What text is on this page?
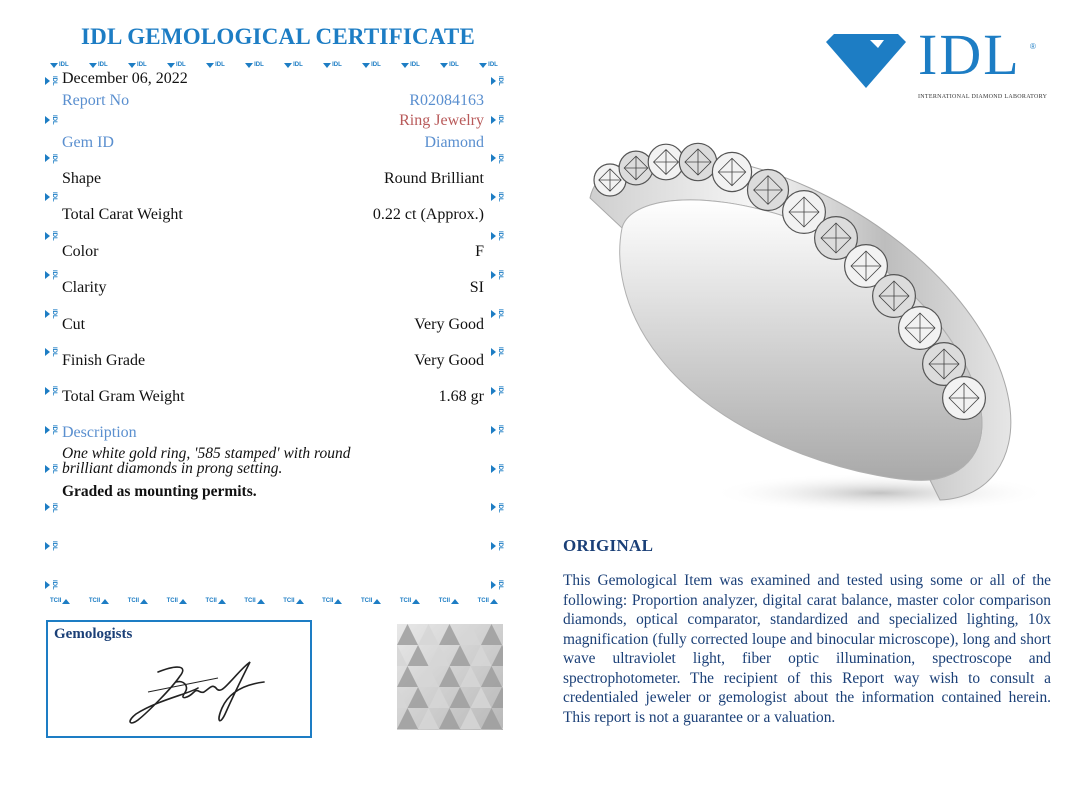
IDL GEMOLOGICAL CERTIFICATE
IDL	IDL	IDL	IDL	IDL	IDL	IDL	IDL	IDL	IDL	IDL	IDL
TCII	TCII	TCII	TCII	TCII	TCII	TCII	TCII	TCII	TCII	TCII	TCII
IDL
IDL
IDL
IDL
IDL
IDL
IDL
IDL
IDL
IDL
IDL
IDL
IDL
IDL
IDL
IDL
IDL
IDL
IDL
IDL
IDL
IDL
IDL
IDL
IDL
IDL
IDL
IDL
December 06, 2022
Report No	R02084163
Ring Jewelry
Gem ID	Diamond
Shape	Round Brilliant
Total Carat Weight	0.22 ct (Approx.)
Color	F
Clarity	SI
Cut	Very Good
Finish Grade	Very Good
Total Gram Weight	1.68 gr
Description
One white gold ring, '585 stamped' with round
brilliant diamonds in prong setting.
Graded as mounting permits.
Gemologists
IDL ®
INTERNATIONAL DIAMOND LABORATORY
ORIGINAL
This Gemological Item was examined and tested using some or all of the following: Proportion analyzer, digital carat balance, master color comparison diamonds, optical comparator, standardized and specialized lighting, 10x magnification (fully corrected loupe and binocular microscope), long and short wave ultraviolet light, fiber optic illumination, spectroscope and spectrophotometer. The recipient of this Report way wish to consult a credentialed jeweler or gemologist about the information contained herein. This report is not a guarantee or a valuation.
